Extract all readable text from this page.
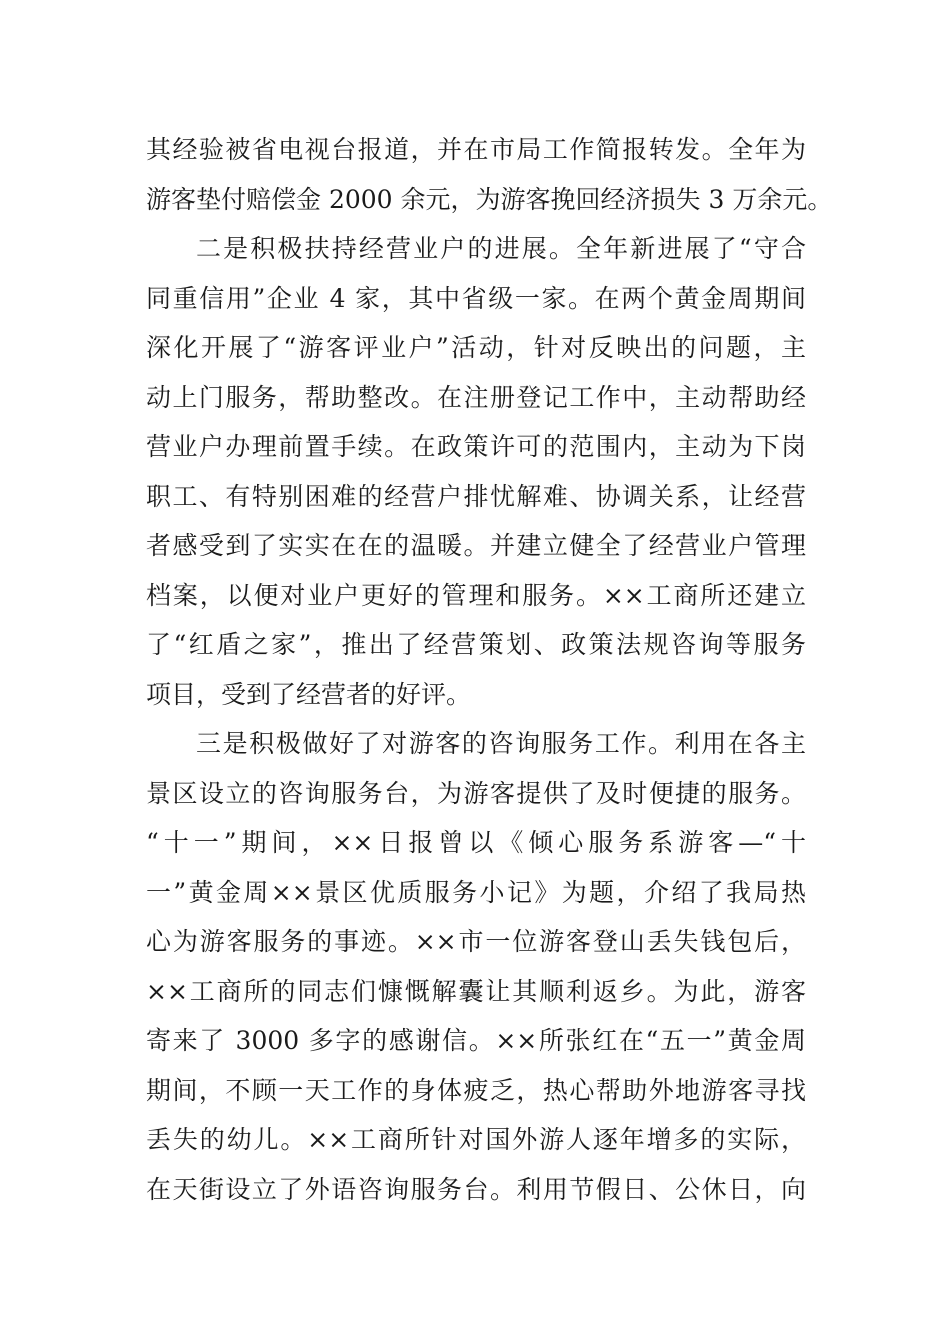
其经验被省电视台报道，并在市局工作简报转发。全年为
游客垫付赔偿金 2000 余元，为游客挽回经济损失 3 万余元。
二是积极扶持经营业户的进展。全年新进展了“守合
同重信用”企业 4 家，其中省级一家。在两个黄金周期间
深化开展了“游客评业户”活动，针对反映出的问题，主
动上门服务，帮助整改。在注册登记工作中，主动帮助经
营业户办理前置手续。在政策许可的范围内，主动为下岗
职工、有特别困难的经营户排忧解难、协调关系，让经营
者感受到了实实在在的温暖。并建立健全了经营业户管理
档案，以便对业户更好的管理和服务。××工商所还建立
了“红盾之家”，推出了经营策划、政策法规咨询等服务
项目，受到了经营者的好评。
三是积极做好了对游客的咨询服务工作。利用在各主
景区设立的咨询服务台，为游客提供了及时便捷的服务。
“十一”期间，××日报曾以《倾心服务系游客—“十
一”黄金周××景区优质服务小记》为题，介绍了我局热
心为游客服务的事迹。××市一位游客登山丢失钱包后，
××工商所的同志们慷慨解囊让其顺利返乡。为此，游客
寄来了 3000 多字的感谢信。××所张红在“五一”黄金周
期间，不顾一天工作的身体疲乏，热心帮助外地游客寻找
丢失的幼儿。××工商所针对国外游人逐年增多的实际，
在天街设立了外语咨询服务台。利用节假日、公休日，向
